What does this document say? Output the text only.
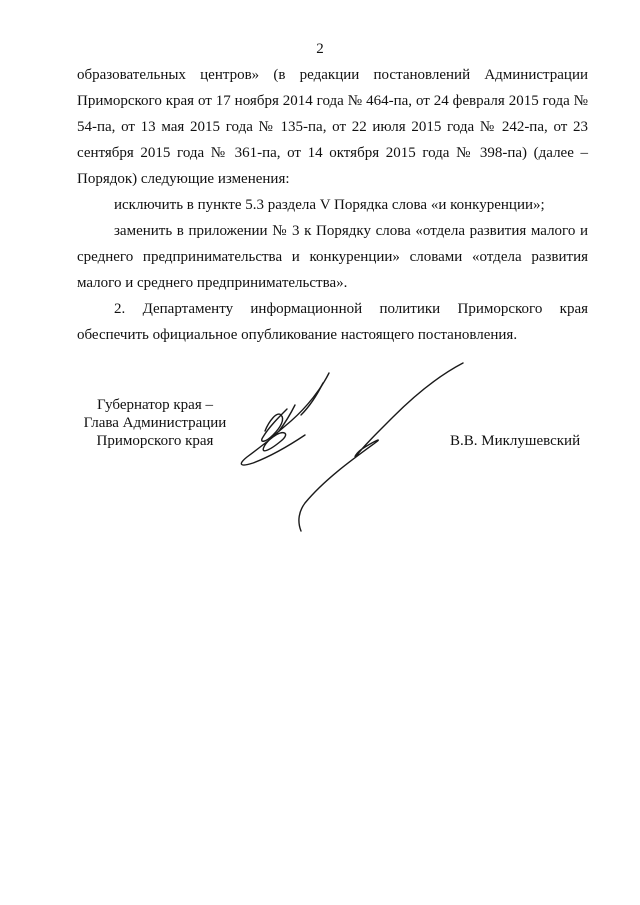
2

образовательных центров» (в редакции постановлений Администрации Приморского края от 17 ноября 2014 года № 464-па, от 24 февраля 2015 года № 54-па, от 13 мая 2015 года № 135-па, от 22 июля 2015 года № 242-па, от 23 сентября 2015 года № 361-па, от 14 октября 2015 года № 398-па) (далее – Порядок) следующие изменения:

исключить в пункте 5.3 раздела V Порядка слова «и конкуренции»;

заменить в приложении № 3 к Порядку слова «отдела развития малого и среднего предпринимательства и конкуренции» словами «отдела развития малого и среднего предпринимательства».

2. Департаменту информационной политики Приморского края обеспечить официальное опубликование настоящего постановления.

Губернатор края –
Глава Администрации
Приморского края	В.В. Миклушевский
